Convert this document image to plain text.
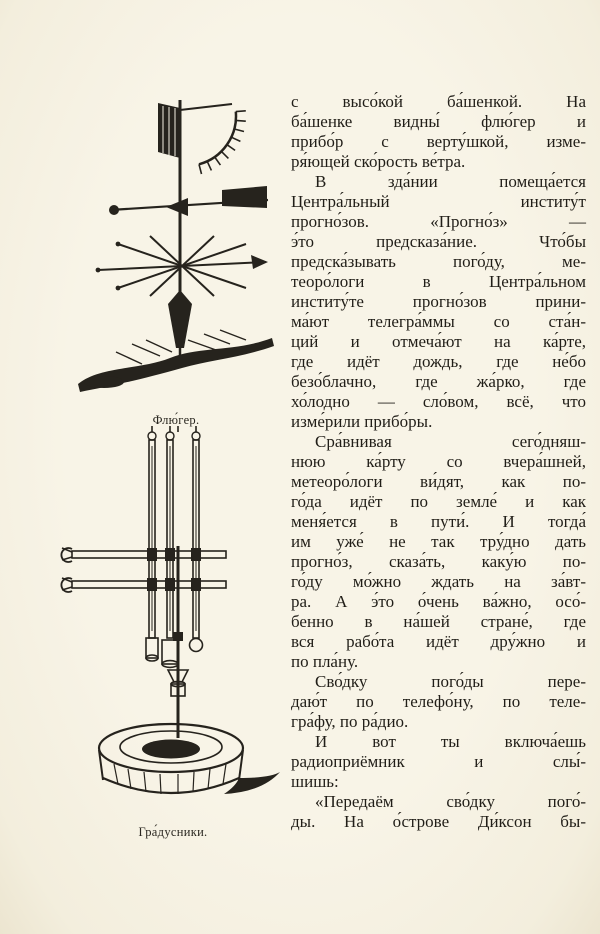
Флю́гер.
Гра́дусники.
с высо́кой ба́шенкой. На
ба́шенке видны́ флю́гер и
прибо́р с верту́шкой, изме-
ря́ющей ско́рость ве́тра.
В зда́нии помеща́ется
Центра́льный институ́т
прогно́зов. «Прогно́з» —
э́то предсказа́ние. Что́бы
предска́зывать пого́ду, ме-
теоро́логи в Центра́льном
институ́те прогно́зов прини-
ма́ют телегра́ммы со ста́н-
ций и отмеча́ют на ка́рте,
где идёт дождь, где не́бо
безо́блачно, где жа́рко, где
хо́лодно — сло́вом, всё, что
изме́рили прибо́ры.
Сра́внивая сего́дняш-
нюю ка́рту со вчера́шней,
метеоро́логи ви́дят, как по-
го́да идёт по земле́ и как
меня́ется в пути́. И тогда́
им уже́ не так тру́дно дать
прогно́з, сказа́ть, каку́ю по-
го́ду мо́жно ждать на за́вт-
ра. А э́то о́чень ва́жно, осо́-
бенно в на́шей стране́, где
вся рабо́та идёт дру́жно и
по пла́ну.
Сво́дку пого́ды пере-
даю́т по телефо́ну, по теле-
гра́фу, по ра́дио.
И вот ты включа́ешь
радиоприёмник и слы́-
шишь:
«Передаём сво́дку пого́-
ды. На о́строве Ди́ксон бы-
